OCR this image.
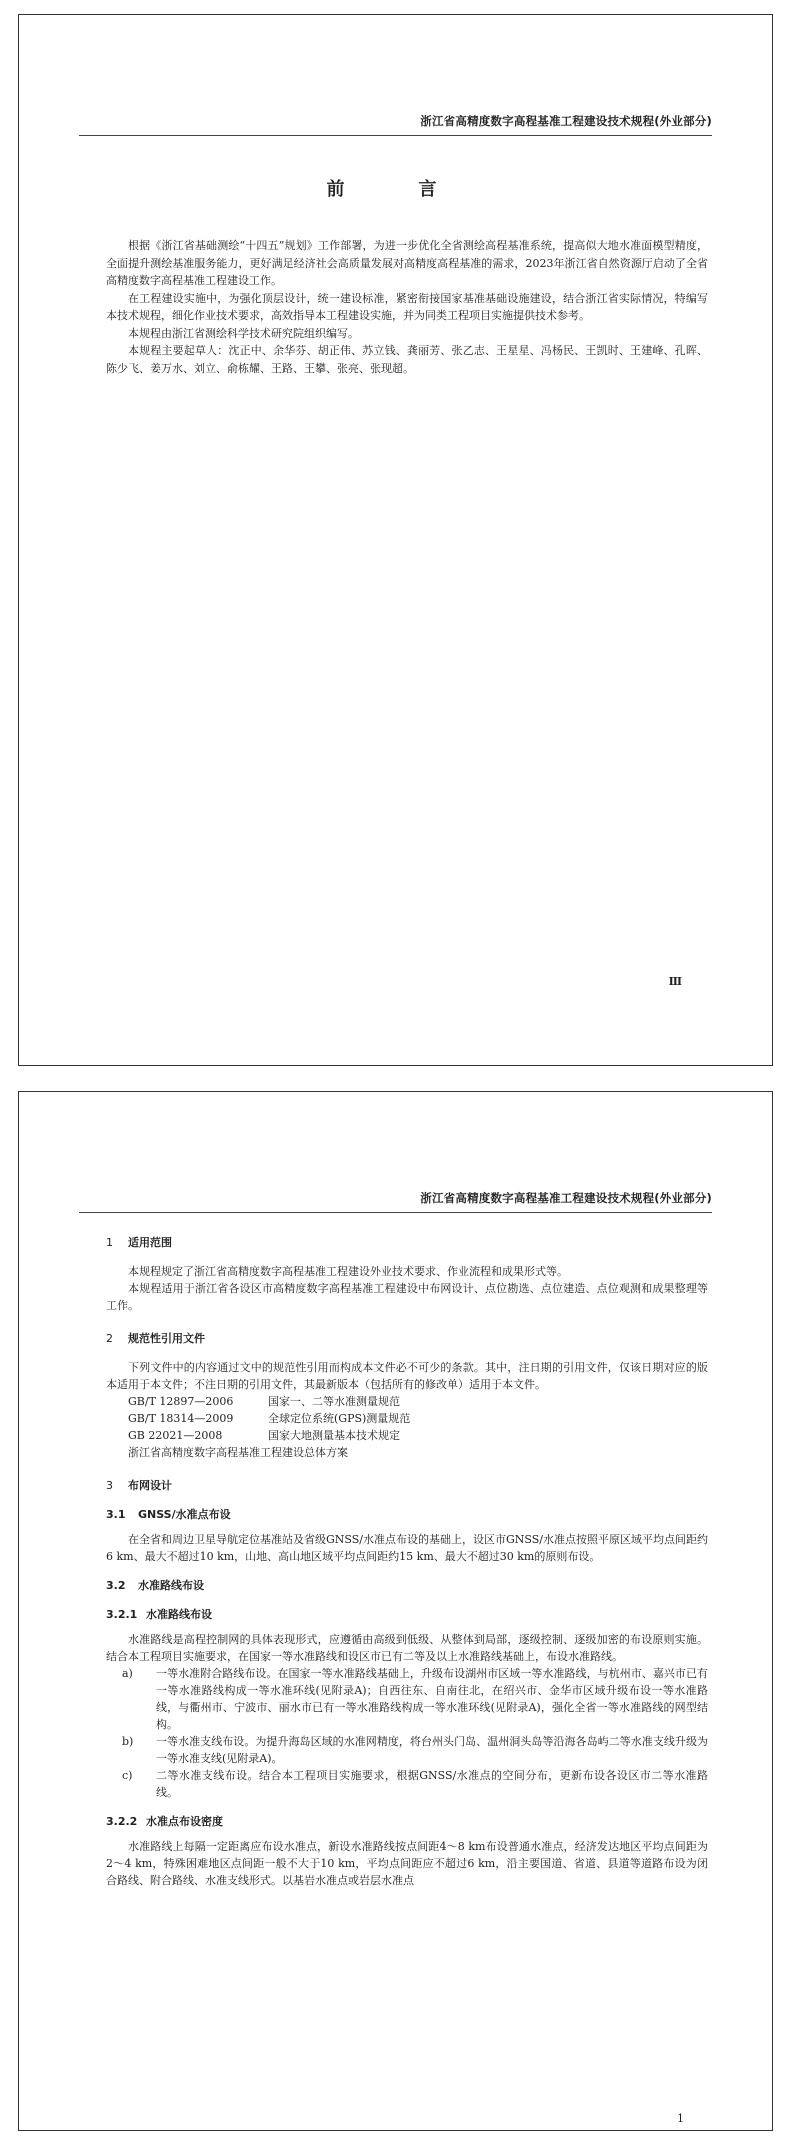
浙江省高精度数字高程基准工程建设技术规程(外业部分)
前　言

根据《浙江省基础测绘“十四五”规划》工作部署，为进一步优化全省测绘高程基准系统，提高似大地水准面模型精度，全面提升测绘基准服务能力，更好满足经济社会高质量发展对高精度高程基准的需求，2023年浙江省自然资源厅启动了全省高精度数字高程基准工程建设工作。

在工程建设实施中，为强化顶层设计，统一建设标准，紧密衔接国家基准基础设施建设，结合浙江省实际情况，特编写本技术规程，细化作业技术要求，高效指导本工程建设实施，并为同类工程项目实施提供技术参考。

本规程由浙江省测绘科学技术研究院组织编写。

本规程主要起草人：沈正中、余华芬、胡正伟、苏立钱、龚丽芳、张乙志、王星星、冯杨民、王凯时、王建峰、孔晖、陈少飞、姜万水、刘立、俞栋耀、王路、王攀、张亮、张现超。

Ⅲ
浙江省高精度数字高程基准工程建设技术规程(外业部分)
1 适用范围

本规程规定了浙江省高精度数字高程基准工程建设外业技术要求、作业流程和成果形式等。

本规程适用于浙江省各设区市高精度数字高程基准工程建设中布网设计、点位勘选、点位建造、点位观测和成果整理等工作。

2 规范性引用文件

下列文件中的内容通过文中的规范性引用而构成本文件必不可少的条款。其中，注日期的引用文件，仅该日期对应的版本适用于本文件；不注日期的引用文件，其最新版本（包括所有的修改单）适用于本文件。

GB/T 12897—2006	国家一、二等水准测量规范
GB/T 18314—2009	全球定位系统(GPS)测量规范
GB 22021—2008	国家大地测量基本技术规定
浙江省高精度数字高程基准工程建设总体方案
3 布网设计
3.1 GNSS/水准点布设

在全省和周边卫星导航定位基准站及省级GNSS/水准点布设的基础上，设区市GNSS/水准点按照平原区域平均点间距约6 km、最大不超过10 km，山地、高山地区域平均点间距约15 km、最大不超过30 km的原则布设。

3.2 水准路线布设
3.2.1 水准路线布设

水准路线是高程控制网的具体表现形式，应遵循由高级到低级、从整体到局部，逐级控制、逐级加密的布设原则实施。结合本工程项目实施要求，在国家一等水准路线和设区市已有二等及以上水准路线基础上，布设水准路线。

a)	一等水准附合路线布设。在国家一等水准路线基础上，升级布设湖州市区域一等水准路线，与杭州市、嘉兴市已有一等水准路线构成一等水准环线(见附录A)；自西往东、自南往北，在绍兴市、金华市区域升级布设一等水准路线，与衢州市、宁波市、丽水市已有一等水准路线构成一等水准环线(见附录A)，强化全省一等水准路线的网型结构。
b)	一等水准支线布设。为提升海岛区域的水准网精度，将台州头门岛、温州洞头岛等沿海各岛屿二等水准支线升级为一等水准支线(见附录A)。
c)	二等水准支线布设。结合本工程项目实施要求，根据GNSS/水准点的空间分布，更新布设各设区市二等水准路线。
3.2.2 水准点布设密度

水准路线上每隔一定距离应布设水准点，新设水准路线按点间距4～8 km布设普通水准点，经济发达地区平均点间距为2～4 km，特殊困难地区点间距一般不大于10 km，平均点间距应不超过6 km，沿主要国道、省道、县道等道路布设为闭合路线、附合路线、水准支线形式。以基岩水准点或岩层水准点

1
